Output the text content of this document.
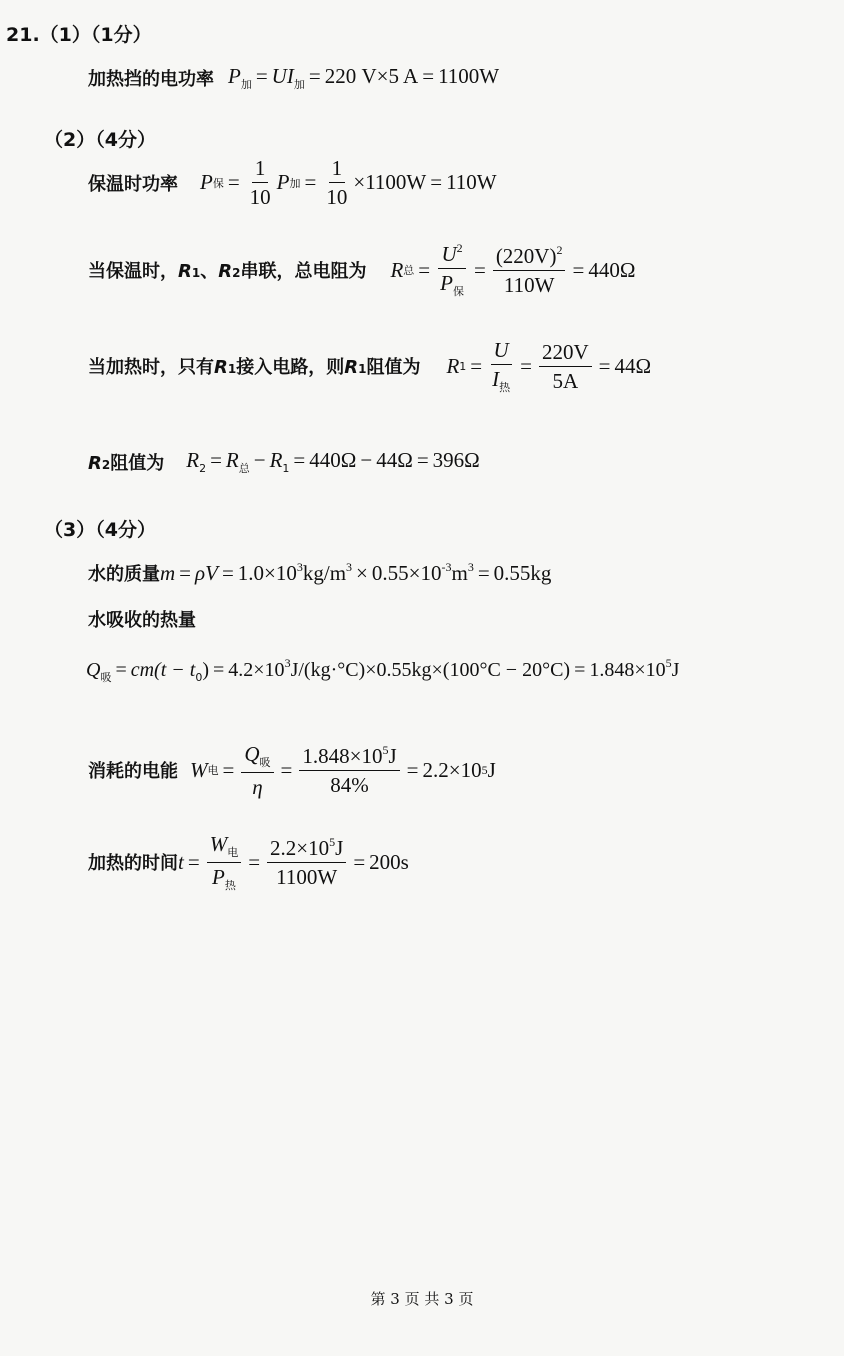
21.（1）（1分）
加热挡的电功率 $P_加 = UI_加 = 220$ V×5 A = 1100W
（2）（4分）
保温时功率 P 保 = $\frac{1}{10}$ P 加 = $\frac{1}{10} \times 1100W = 110W$
当保温时，R1、R2串联，总电阻为 R 总 = $\frac{U^2}{P_保} = \frac{(220V)^2}{110W} = 440\Omega$
当加热时，只有R1接入电路，则R1阻值为 R $1 = \frac{U}{I_热} = \frac{220V}{5A} = 44\Omega$
R2阻值为 $R_2 = R_总 - R_1 = 440\Omega - 44\Omega = 396\Omega$
（3）（4分）
水的质量 $m = \rho V = 1.0\times 10^3kg/m^3 \times 0.55\times 10^{-3}m^3 = 0.55kg$
水吸收的热量
$Q_吸 = cm(t - t_0) = 4.2\times 10^3J/(kg\cdot^\circ C)\times 0.55kg\times(100^\circ C - 20^\circ C) = 1.848\times 10^5J$
消耗的电能 W 电 = $\frac{Q_吸}{\eta} = \frac{1.848\times 10^5J}{84\%} = 2.2\times 10$ 5 J
加热的时间 $t = \frac{W_电}{P_热} = \frac{2.2\times 10^5J}{1100W} = 200s$
第 3 页 共 3 页
